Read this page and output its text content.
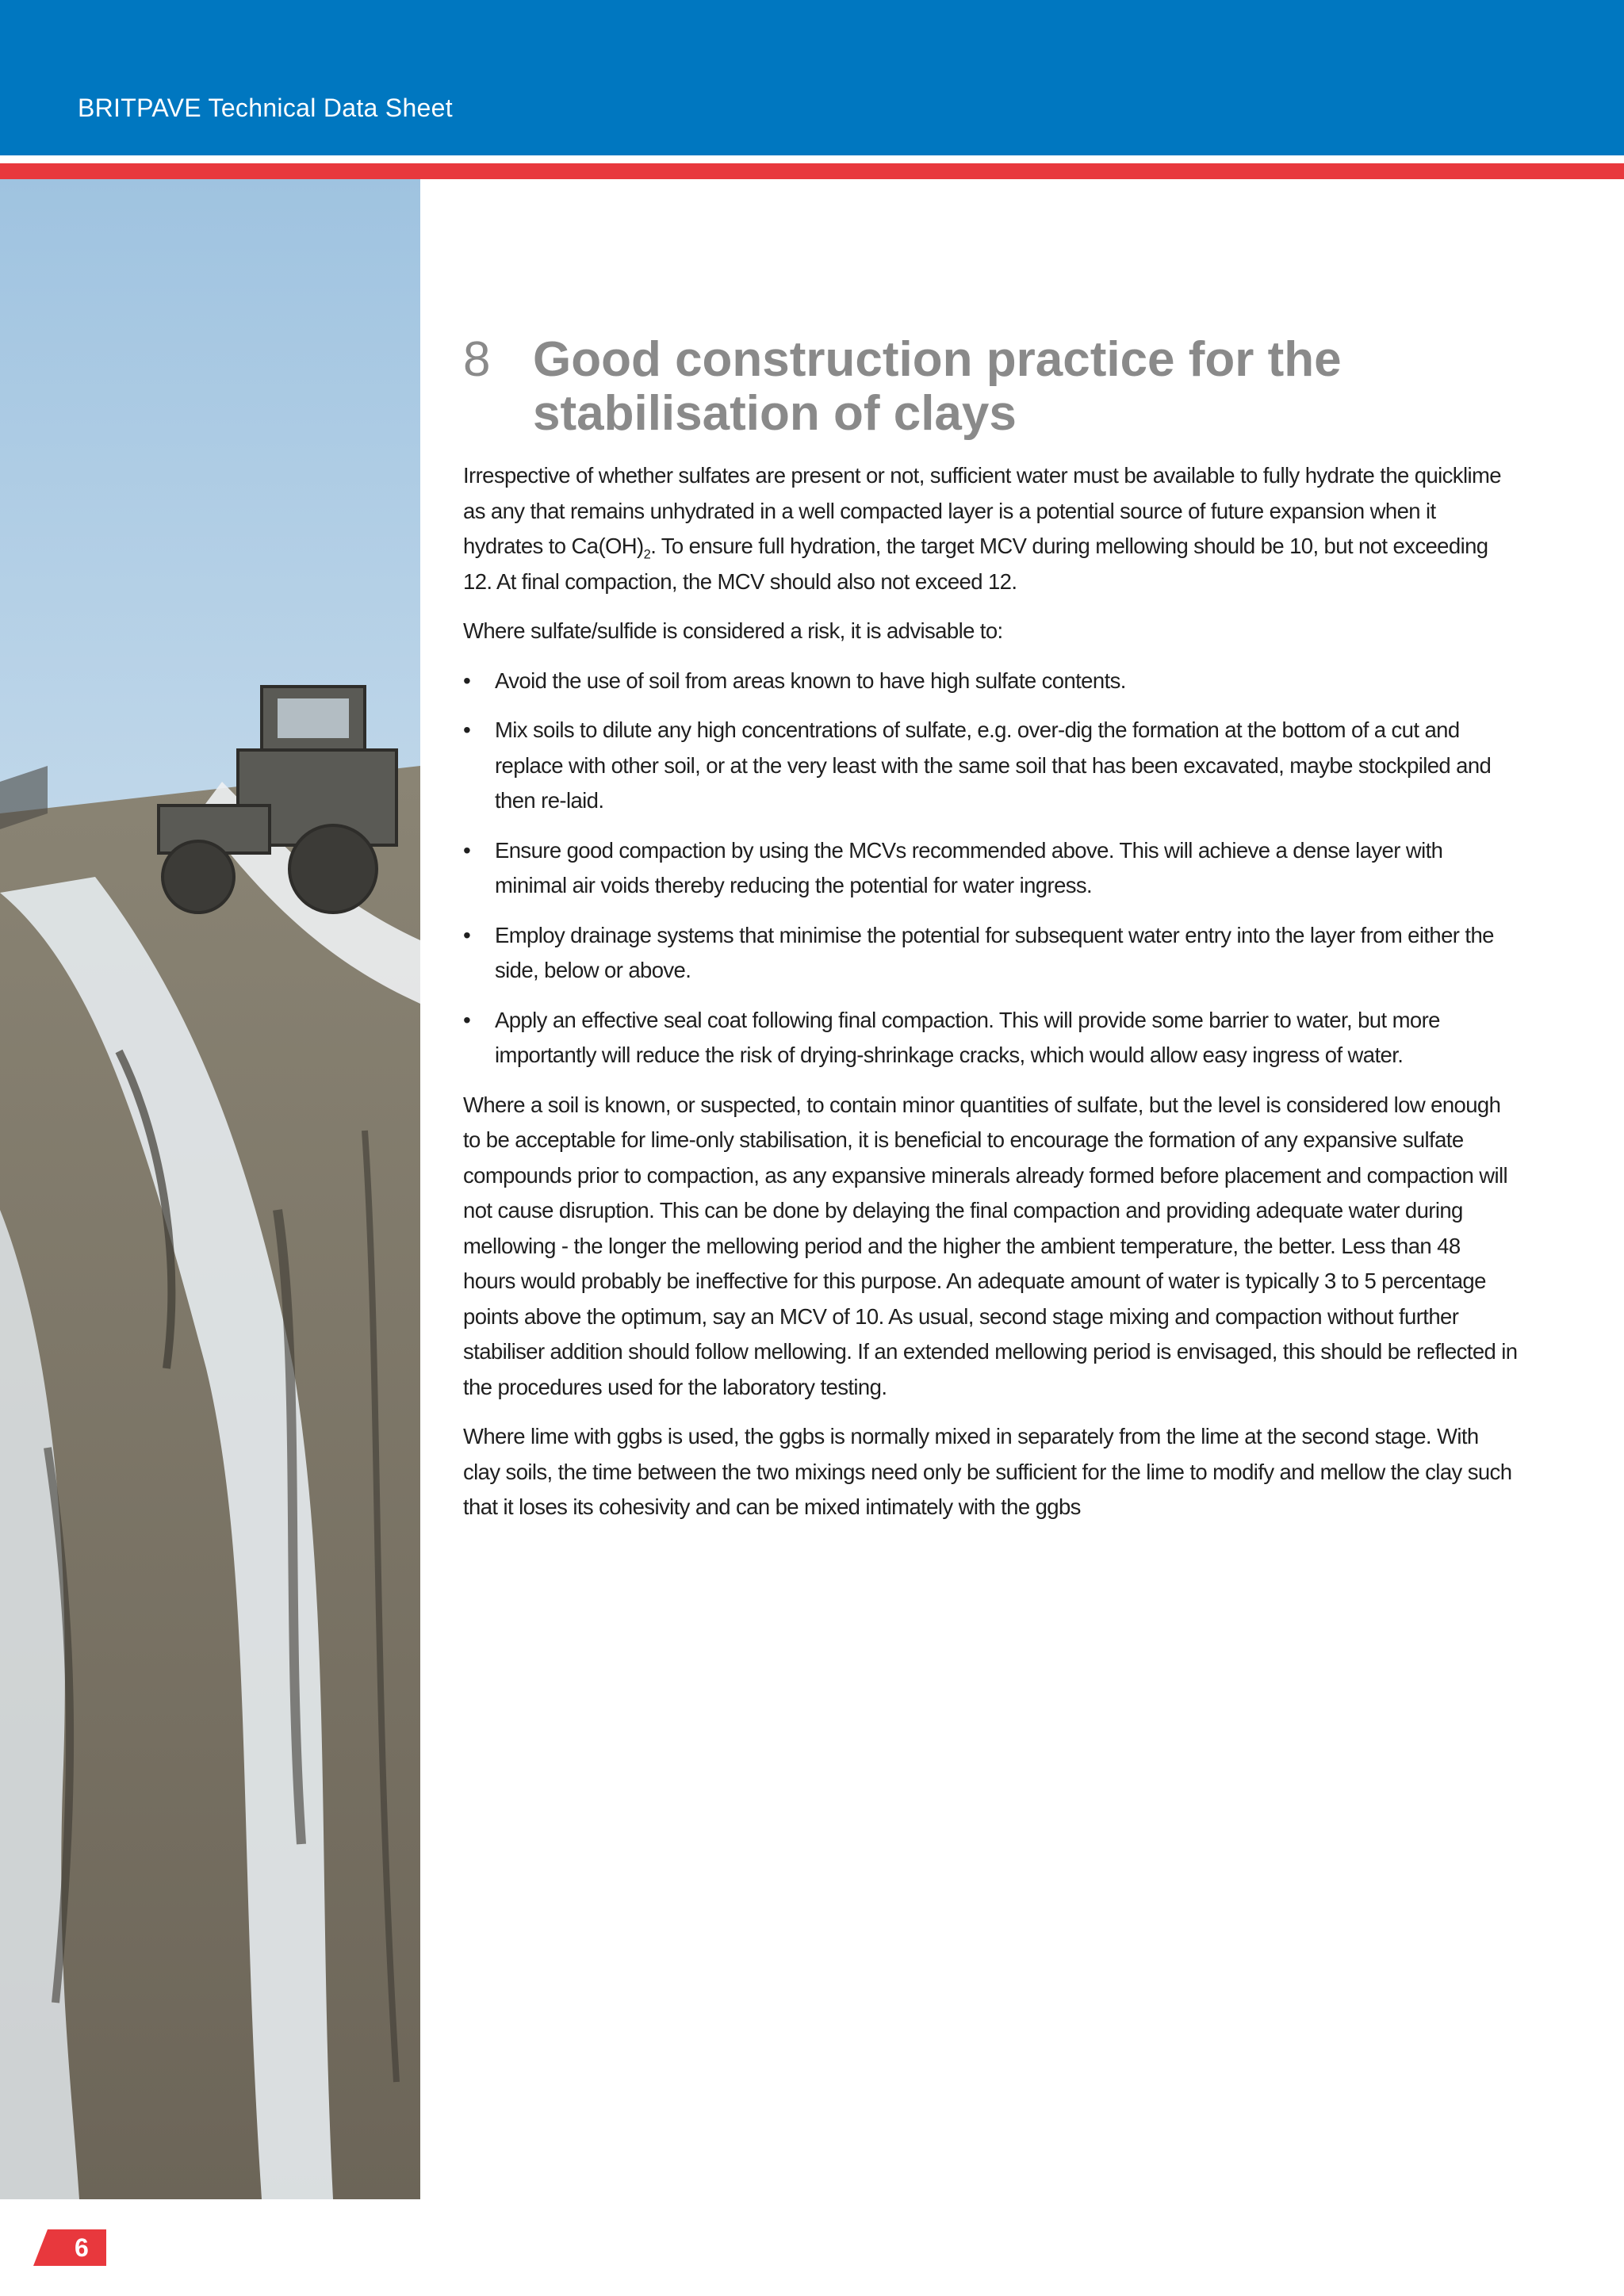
BRITPAVE Technical Data Sheet
8 Good construction practice for the stabilisation of clays

Irrespective of whether sulfates are present or not, sufficient water must be available to fully hydrate the quicklime as any that remains unhydrated in a well compacted layer is a potential source of future expansion when it hydrates to $Ca(OH)_2$. To ensure full hydration, the target MCV during mellowing should be 10, but not exceeding 12. At final compaction, the MCV should also not exceed 12.

Where sulfate/sulfide is considered a risk, it is advisable to:

• Avoid the use of soil from areas known to have high sulfate contents.
• Mix soils to dilute any high concentrations of sulfate, e.g. over-dig the formation at the bottom of a cut and replace with other soil, or at the very least with the same soil that has been excavated, maybe stockpiled and then re-laid.
• Ensure good compaction by using the MCVs recommended above. This will achieve a dense layer with minimal air voids thereby reducing the potential for water ingress.
• Employ drainage systems that minimise the potential for subsequent water entry into the layer from either the side, below or above.
• Apply an effective seal coat following final compaction. This will provide some barrier to water, but more importantly will reduce the risk of drying-shrinkage cracks, which would allow easy ingress of water.

Where a soil is known, or suspected, to contain minor quantities of sulfate, but the level is considered low enough to be acceptable for lime-only stabilisation, it is beneficial to encourage the formation of any expansive sulfate compounds prior to compaction, as any expansive minerals already formed before placement and compaction will not cause disruption. This can be done by delaying the final compaction and providing adequate water during mellowing - the longer the mellowing period and the higher the ambient temperature, the better. Less than 48 hours would probably be ineffective for this purpose. An adequate amount of water is typically 3 to 5 percentage points above the optimum, say an MCV of 10. As usual, second stage mixing and compaction without further stabiliser addition should follow mellowing. If an extended mellowing period is envisaged, this should be reflected in the procedures used for the laboratory testing.

Where lime with ggbs is used, the ggbs is normally mixed in separately from the lime at the second stage. With clay soils, the time between the two mixings need only be sufficient for the lime to modify and mellow the clay such that it loses its cohesivity and can be mixed intimately with the ggbs

6
